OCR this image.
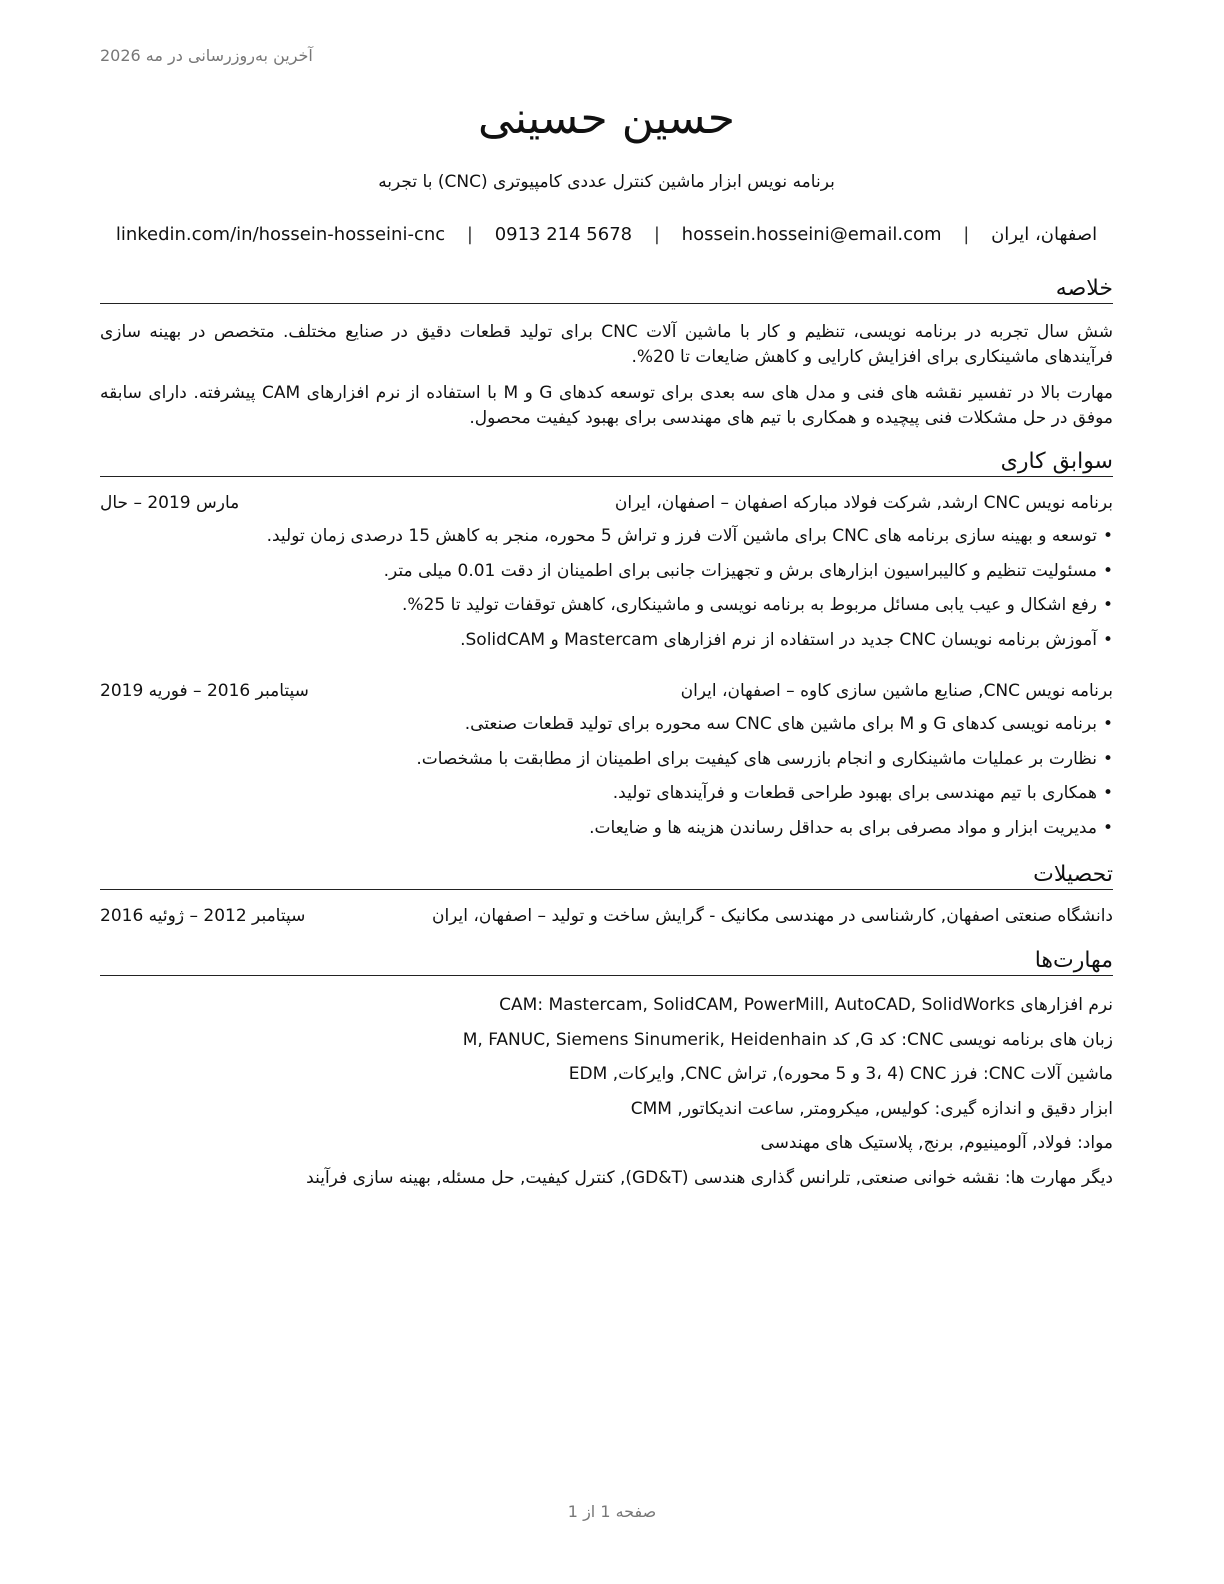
آخرین به‌روزرسانی در مه 2026
حسین حسینی
برنامه نویس ابزار ماشین کنترل عددی کامپیوتری (CNC) با تجربه
اصفهان، ایران | hossein.hosseini@email.com | 0913 214 5678 | linkedin.com/in/hossein-hosseini-cnc
خلاصه
شش سال تجربه در برنامه نویسی، تنظیم و کار با ماشین آلات CNC برای تولید قطعات دقیق در صنایع مختلف. متخصص در بهینه سازی فرآیندهای ماشینکاری برای افزایش کارایی و کاهش ضایعات تا 20%.
مهارت بالا در تفسیر نقشه های فنی و مدل های سه بعدی برای توسعه کدهای G و M با استفاده از نرم افزارهای CAM پیشرفته. دارای سابقه موفق در حل مشکلات فنی پیچیده و همکاری با تیم های مهندسی برای بهبود کیفیت محصول.
سوابق کاری
برنامه نویس CNC ارشد, شرکت فولاد مبارکه اصفهان – اصفهان، ایران
مارس 2019 – حال
•توسعه و بهینه سازی برنامه های CNC برای ماشین آلات فرز و تراش 5 محوره، منجر به کاهش 15 درصدی زمان تولید.
•مسئولیت تنظیم و کالیبراسیون ابزارهای برش و تجهیزات جانبی برای اطمینان از دقت 0.01 میلی متر.
•رفع اشکال و عیب یابی مسائل مربوط به برنامه نویسی و ماشینکاری، کاهش توقفات تولید تا 25%.
•آموزش برنامه نویسان CNC جدید در استفاده از نرم افزارهای Mastercam و SolidCAM.
برنامه نویس CNC, صنایع ماشین سازی کاوه – اصفهان، ایران
سپتامبر 2016 – فوریه 2019
•برنامه نویسی کدهای G و M برای ماشین های CNC سه محوره برای تولید قطعات صنعتی.
•نظارت بر عملیات ماشینکاری و انجام بازرسی های کیفیت برای اطمینان از مطابقت با مشخصات.
•همکاری با تیم مهندسی برای بهبود طراحی قطعات و فرآیندهای تولید.
•مدیریت ابزار و مواد مصرفی برای به حداقل رساندن هزینه ها و ضایعات.
تحصیلات
دانشگاه صنعتی اصفهان, کارشناسی در مهندسی مکانیک - گرایش ساخت و تولید – اصفهان، ایران
سپتامبر 2012 – ژوئیه 2016
مهارت‌ها
نرم افزارهای CAM: Mastercam, SolidCAM, PowerMill, AutoCAD, SolidWorks
زبان های برنامه نویسی CNC: کد G, کد M, FANUC, Siemens Sinumerik, Heidenhain
ماشین آلات CNC: فرز CNC (3، 4 و 5 محوره), تراش CNC, وایرکات, EDM
ابزار دقیق و اندازه گیری: کولیس, میکرومتر, ساعت اندیکاتور, CMM
مواد: فولاد, آلومینیوم, برنج, پلاستیک های مهندسی
دیگر مهارت ها: نقشه خوانی صنعتی, تلرانس گذاری هندسی (GD&T), کنترل کیفیت, حل مسئله, بهینه سازی فرآیند
صفحه 1 از 1
